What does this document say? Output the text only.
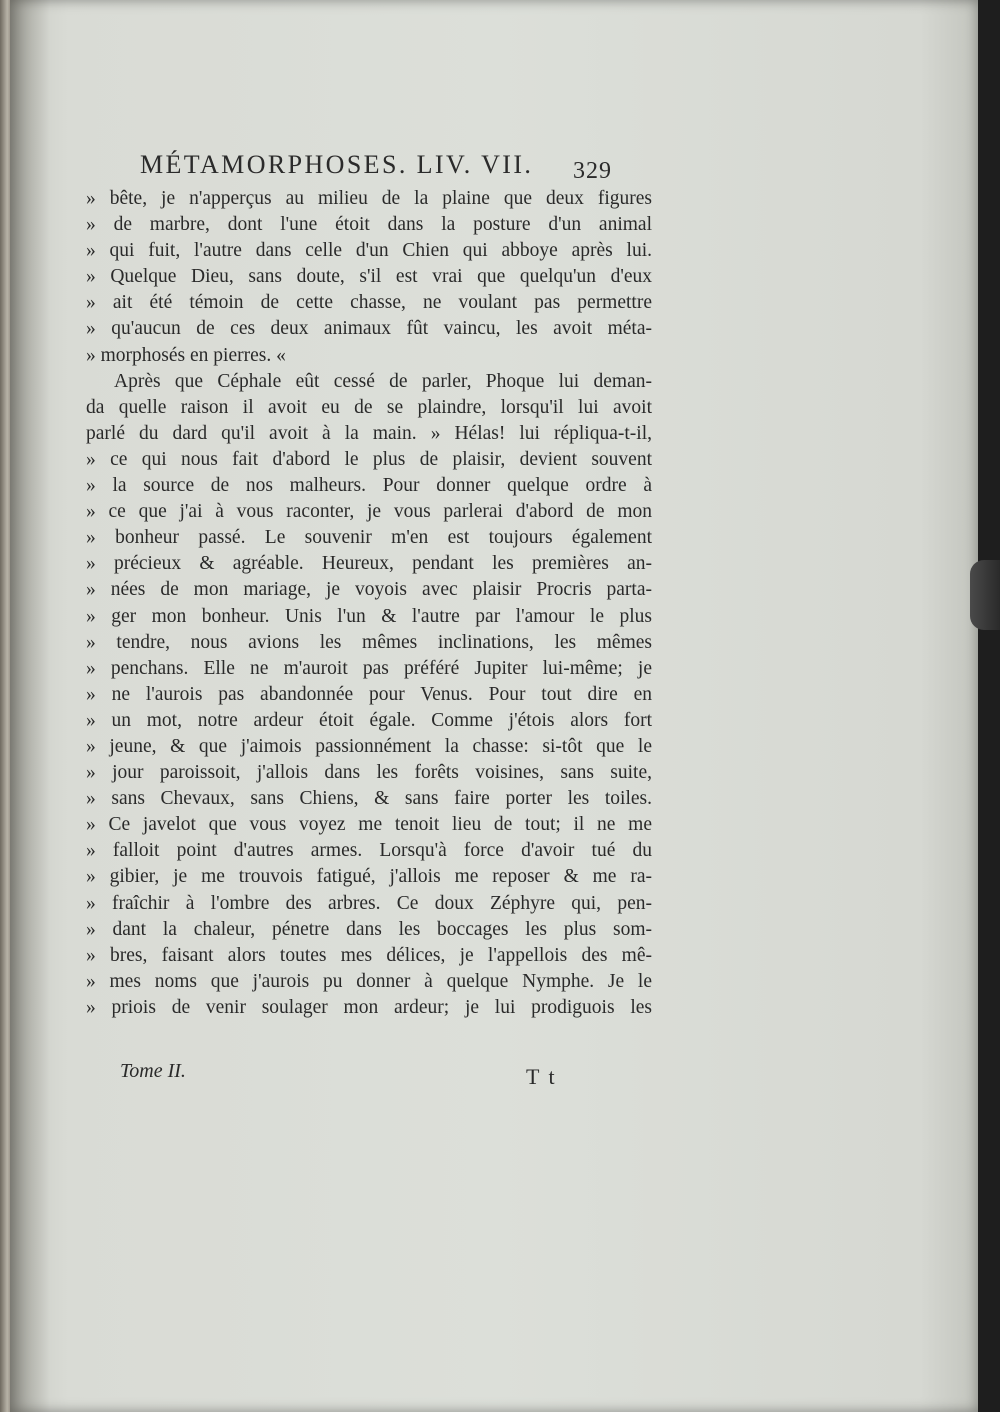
MÉTAMORPHOSES. LIV. VII. 329
» bête, je n'apperçus au milieu de la plaine que deux figures
» de marbre, dont l'une étoit dans la posture d'un animal
» qui fuit, l'autre dans celle d'un Chien qui abboye après lui.
» Quelque Dieu, sans doute, s'il est vrai que quelqu'un d'eux
» ait été témoin de cette chasse, ne voulant pas permettre
» qu'aucun de ces deux animaux fût vaincu, les avoit méta-
» morphosés en pierres. «
Après que Céphale eût cessé de parler, Phoque lui deman-
da quelle raison il avoit eu de se plaindre, lorsqu'il lui avoit
parlé du dard qu'il avoit à la main. » Hélas! lui répliqua-t-il,
» ce qui nous fait d'abord le plus de plaisir, devient souvent
» la source de nos malheurs. Pour donner quelque ordre à
» ce que j'ai à vous raconter, je vous parlerai d'abord de mon
» bonheur passé. Le souvenir m'en est toujours également
» précieux & agréable. Heureux, pendant les premières an-
» nées de mon mariage, je voyois avec plaisir Procris parta-
» ger mon bonheur. Unis l'un & l'autre par l'amour le plus
» tendre, nous avions les mêmes inclinations, les mêmes
» penchans. Elle ne m'auroit pas préféré Jupiter lui-même; je
» ne l'aurois pas abandonnée pour Venus. Pour tout dire en
» un mot, notre ardeur étoit égale. Comme j'étois alors fort
» jeune, & que j'aimois passionnément la chasse: si-tôt que le
» jour paroissoit, j'allois dans les forêts voisines, sans suite,
» sans Chevaux, sans Chiens, & sans faire porter les toiles.
» Ce javelot que vous voyez me tenoit lieu de tout; il ne me
» falloit point d'autres armes. Lorsqu'à force d'avoir tué du
» gibier, je me trouvois fatigué, j'allois me reposer & me ra-
» fraîchir à l'ombre des arbres. Ce doux Zéphyre qui, pen-
» dant la chaleur, pénetre dans les boccages les plus som-
» bres, faisant alors toutes mes délices, je l'appellois des mê-
» mes noms que j'aurois pu donner à quelque Nymphe. Je le
» priois de venir soulager mon ardeur; je lui prodiguois les
Tome II.	T t
